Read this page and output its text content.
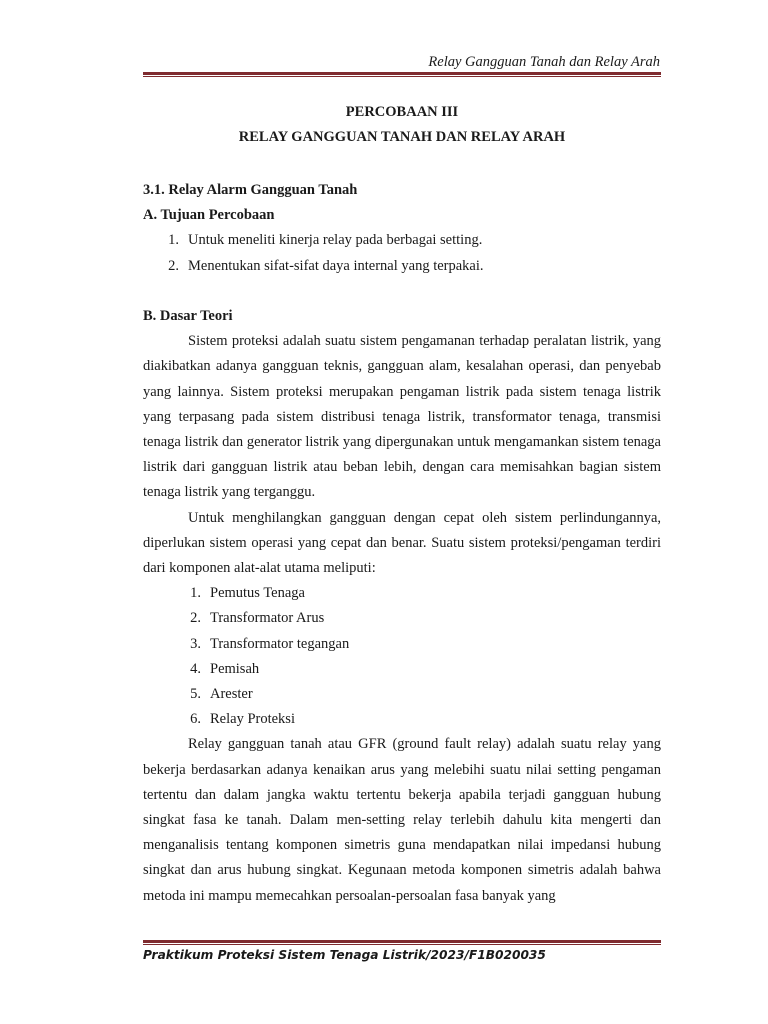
Relay Gangguan Tanah dan Relay Arah
PERCOBAAN III
RELAY GANGGUAN TANAH DAN RELAY ARAH

3.1. Relay Alarm Gangguan Tanah

A. Tujuan Percobaan

1. Untuk meneliti kinerja relay pada berbagai setting.
2. Menentukan sifat-sifat daya internal yang terpakai.

B. Dasar Teori

Sistem proteksi adalah suatu sistem pengamanan terhadap peralatan listrik, yang diakibatkan adanya gangguan teknis, gangguan alam, kesalahan operasi, dan penyebab yang lainnya. Sistem proteksi merupakan pengaman listrik pada sistem tenaga listrik yang terpasang pada sistem distribusi tenaga listrik, transformator tenaga, transmisi tenaga listrik dan generator listrik yang dipergunakan untuk mengamankan sistem tenaga listrik dari gangguan listrik atau beban lebih, dengan cara memisahkan bagian sistem tenaga listrik yang terganggu.

Untuk menghilangkan gangguan dengan cepat oleh sistem perlindungannya, diperlukan sistem operasi yang cepat dan benar. Suatu sistem proteksi/pengaman terdiri dari komponen alat-alat utama meliputi:

1. Pemutus Tenaga
2. Transformator Arus
3. Transformator tegangan
4. Pemisah
5. Arester
6. Relay Proteksi

Relay gangguan tanah atau GFR (ground fault relay) adalah suatu relay yang bekerja berdasarkan adanya kenaikan arus yang melebihi suatu nilai setting pengaman tertentu dan dalam jangka waktu tertentu bekerja apabila terjadi gangguan hubung singkat fasa ke tanah. Dalam men-setting relay terlebih dahulu kita mengerti dan menganalisis tentang komponen simetris guna mendapatkan nilai impedansi hubung singkat dan arus hubung singkat. Kegunaan metoda komponen simetris adalah bahwa metoda ini mampu memecahkan persoalan-persoalan fasa banyak yang

Praktikum Proteksi Sistem Tenaga Listrik/2023/F1B020035
